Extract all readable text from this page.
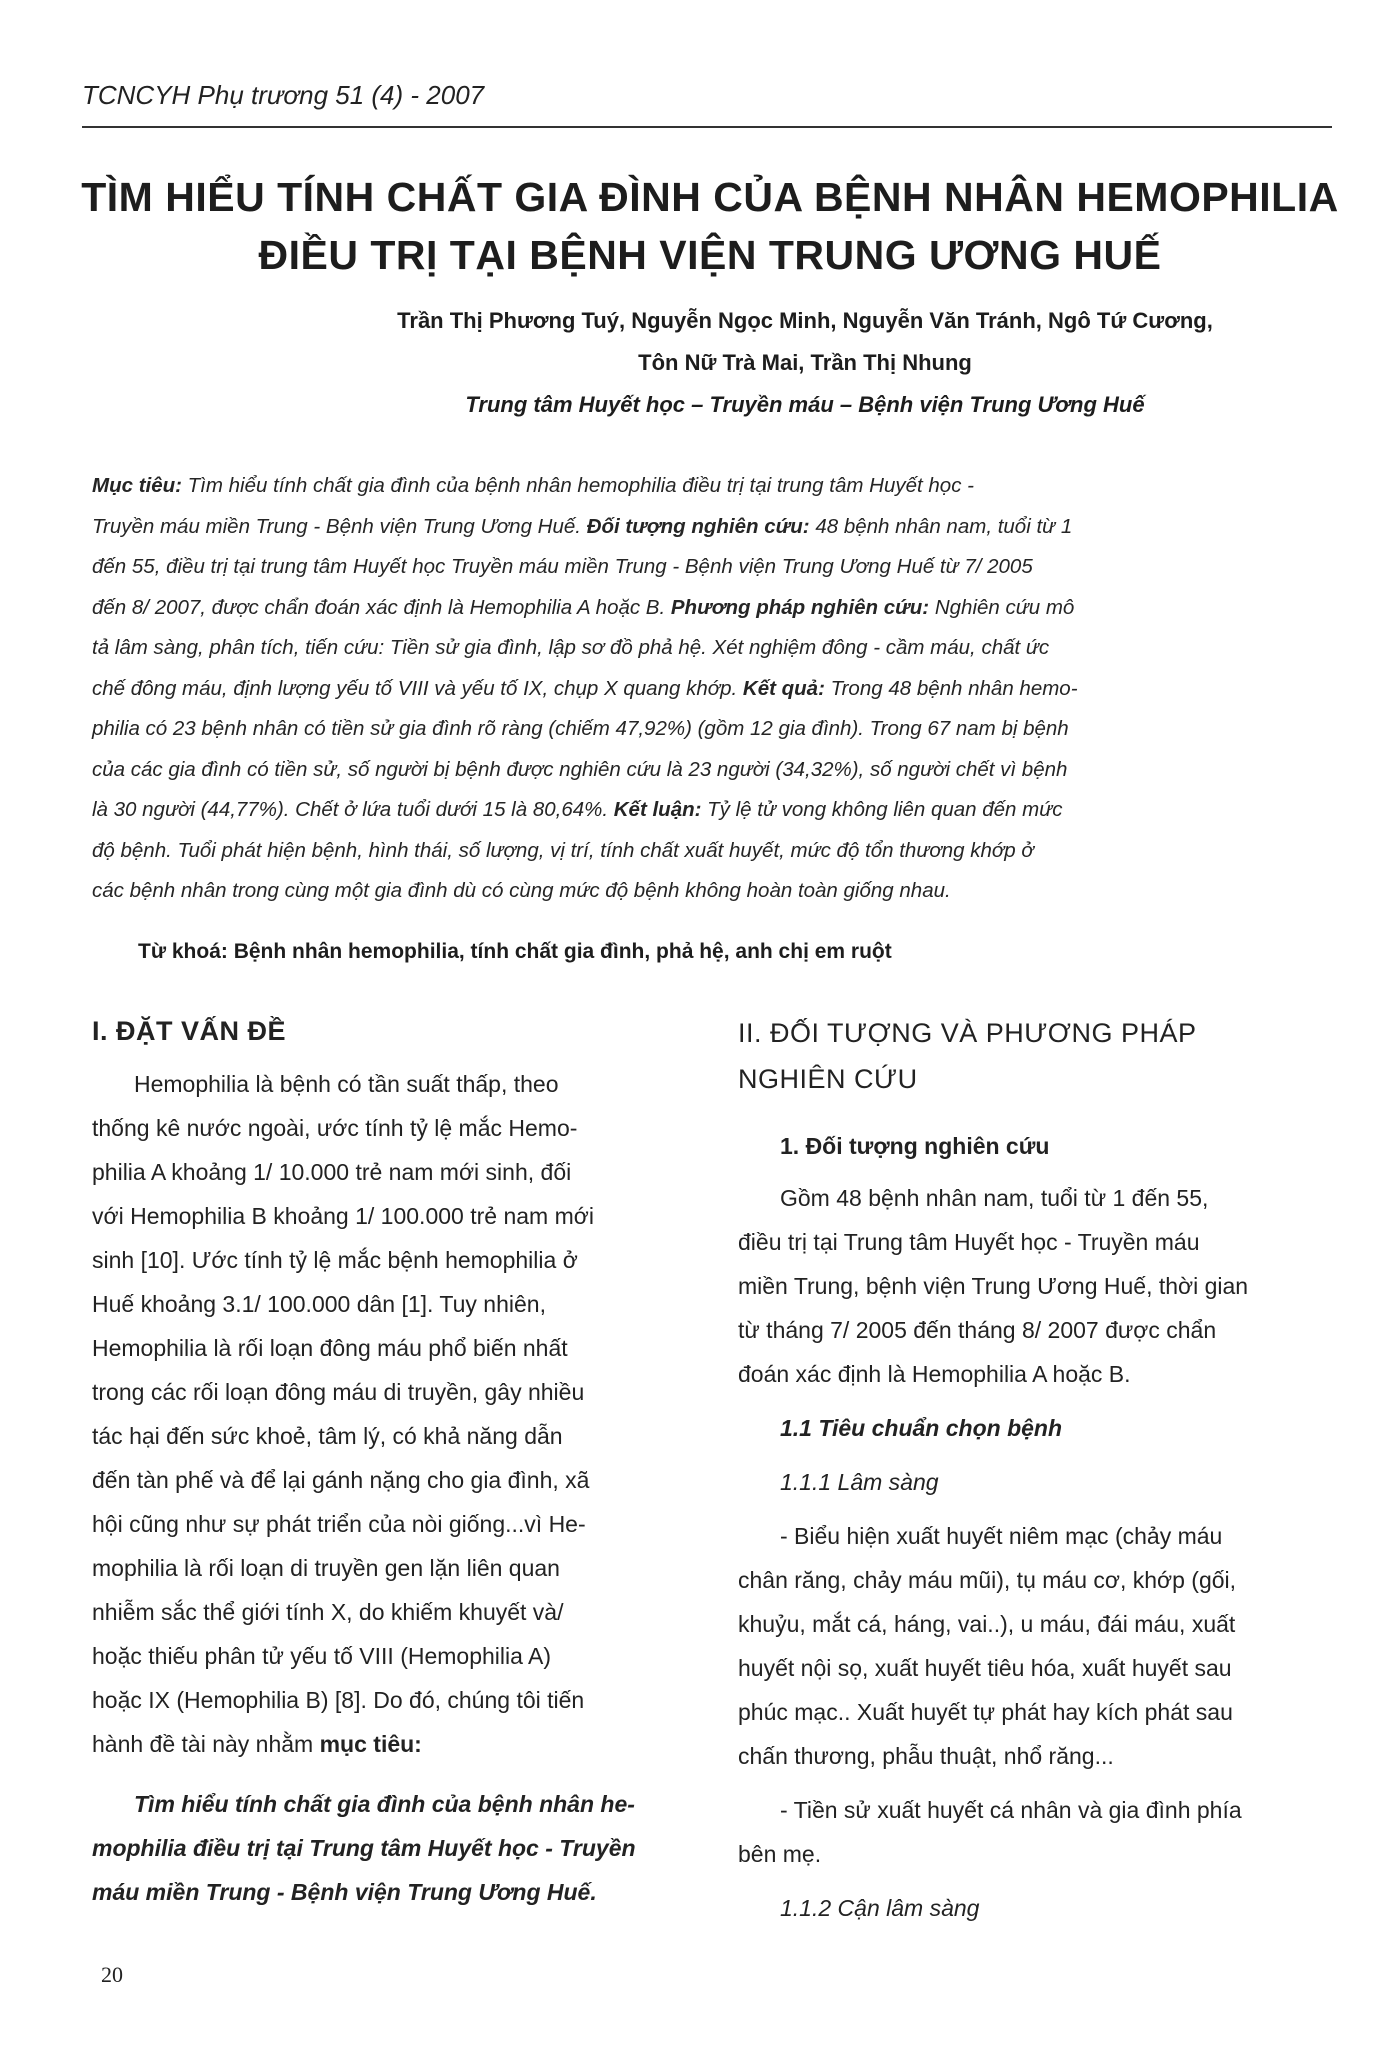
TCNCYH Phụ trương 51 (4) - 2007
TÌM HIỂU TÍNH CHẤT GIA ĐÌNH CỦA BỆNH NHÂN HEMOPHILIA
ĐIỀU TRỊ TẠI BỆNH VIỆN TRUNG ƯƠNG HUẾ
Trần Thị Phương Tuý, Nguyễn Ngọc Minh, Nguyễn Văn Tránh, Ngô Tứ Cương,
Tôn Nữ Trà Mai, Trần Thị Nhung
Trung tâm Huyết học – Truyền máu – Bệnh viện Trung Ương Huế
Mục tiêu: Tìm hiểu tính chất gia đình của bệnh nhân hemophilia điều trị tại trung tâm Huyết học -
Truyền máu miền Trung - Bệnh viện Trung Ương Huế. Đối tượng nghiên cứu: 48 bệnh nhân nam, tuổi từ 1
đến 55, điều trị tại trung tâm Huyết học Truyền máu miền Trung - Bệnh viện Trung Ương Huế từ 7/ 2005
đến 8/ 2007, được chẩn đoán xác định là Hemophilia A hoặc B. Phương pháp nghiên cứu: Nghiên cứu mô
tả lâm sàng, phân tích, tiến cứu: Tiền sử gia đình, lập sơ đồ phả hệ. Xét nghiệm đông - cầm máu, chất ức
chế đông máu, định lượng yếu tố VIII và yếu tố IX, chụp X quang khớp. Kết quả: Trong 48 bệnh nhân hemo-
philia có 23 bệnh nhân có tiền sử gia đình rõ ràng (chiếm 47,92%) (gồm 12 gia đình). Trong 67 nam bị bệnh
của các gia đình có tiền sử, số người bị bệnh được nghiên cứu là 23 người (34,32%), số người chết vì bệnh
là 30 người (44,77%). Chết ở lứa tuổi dưới 15 là 80,64%. Kết luận: Tỷ lệ tử vong không liên quan đến mức
độ bệnh. Tuổi phát hiện bệnh, hình thái, số lượng, vị trí, tính chất xuất huyết, mức độ tổn thương khớp ở
các bệnh nhân trong cùng một gia đình dù có cùng mức độ bệnh không hoàn toàn giống nhau.
Từ khoá: Bệnh nhân hemophilia, tính chất gia đình, phả hệ, anh chị em ruột
I. ĐẶT VẤN ĐỀ
Hemophilia là bệnh có tần suất thấp, theo
thống kê nước ngoài, ước tính tỷ lệ mắc Hemo-
philia A khoảng 1/ 10.000 trẻ nam mới sinh, đối
với Hemophilia B khoảng 1/ 100.000 trẻ nam mới
sinh [10]. Ước tính tỷ lệ mắc bệnh hemophilia ở
Huế khoảng 3.1/ 100.000 dân [1]. Tuy nhiên,
Hemophilia là rối loạn đông máu phổ biến nhất
trong các rối loạn đông máu di truyền, gây nhiều
tác hại đến sức khoẻ, tâm lý, có khả năng dẫn
đến tàn phế và để lại gánh nặng cho gia đình, xã
hội cũng như sự phát triển của nòi giống...vì He-
mophilia là rối loạn di truyền gen lặn liên quan
nhiễm sắc thể giới tính X, do khiếm khuyết và/
hoặc thiếu phân tử yếu tố VIII (Hemophilia A)
hoặc IX (Hemophilia B) [8]. Do đó, chúng tôi tiến
hành đề tài này nhằm mục tiêu:
Tìm hiểu tính chất gia đình của bệnh nhân he-
mophilia điều trị tại Trung tâm Huyết học - Truyền
máu miền Trung - Bệnh viện Trung Ương Huế.
II. ĐỐI TƯỢNG VÀ PHƯƠNG PHÁP
NGHIÊN CỨU
1. Đối tượng nghiên cứu
Gồm 48 bệnh nhân nam, tuổi từ 1 đến 55,
điều trị tại Trung tâm Huyết học - Truyền máu
miền Trung, bệnh viện Trung Ương Huế, thời gian
từ tháng 7/ 2005 đến tháng 8/ 2007 được chẩn
đoán xác định là Hemophilia A hoặc B.
1.1 Tiêu chuẩn chọn bệnh
1.1.1 Lâm sàng
- Biểu hiện xuất huyết niêm mạc (chảy máu
chân răng, chảy máu mũi), tụ máu cơ, khớp (gối,
khuỷu, mắt cá, háng, vai..), u máu, đái máu, xuất
huyết nội sọ, xuất huyết tiêu hóa, xuất huyết sau
phúc mạc.. Xuất huyết tự phát hay kích phát sau
chấn thương, phẫu thuật, nhổ răng...
- Tiền sử xuất huyết cá nhân và gia đình phía
bên mẹ.
1.1.2 Cận lâm sàng
20
